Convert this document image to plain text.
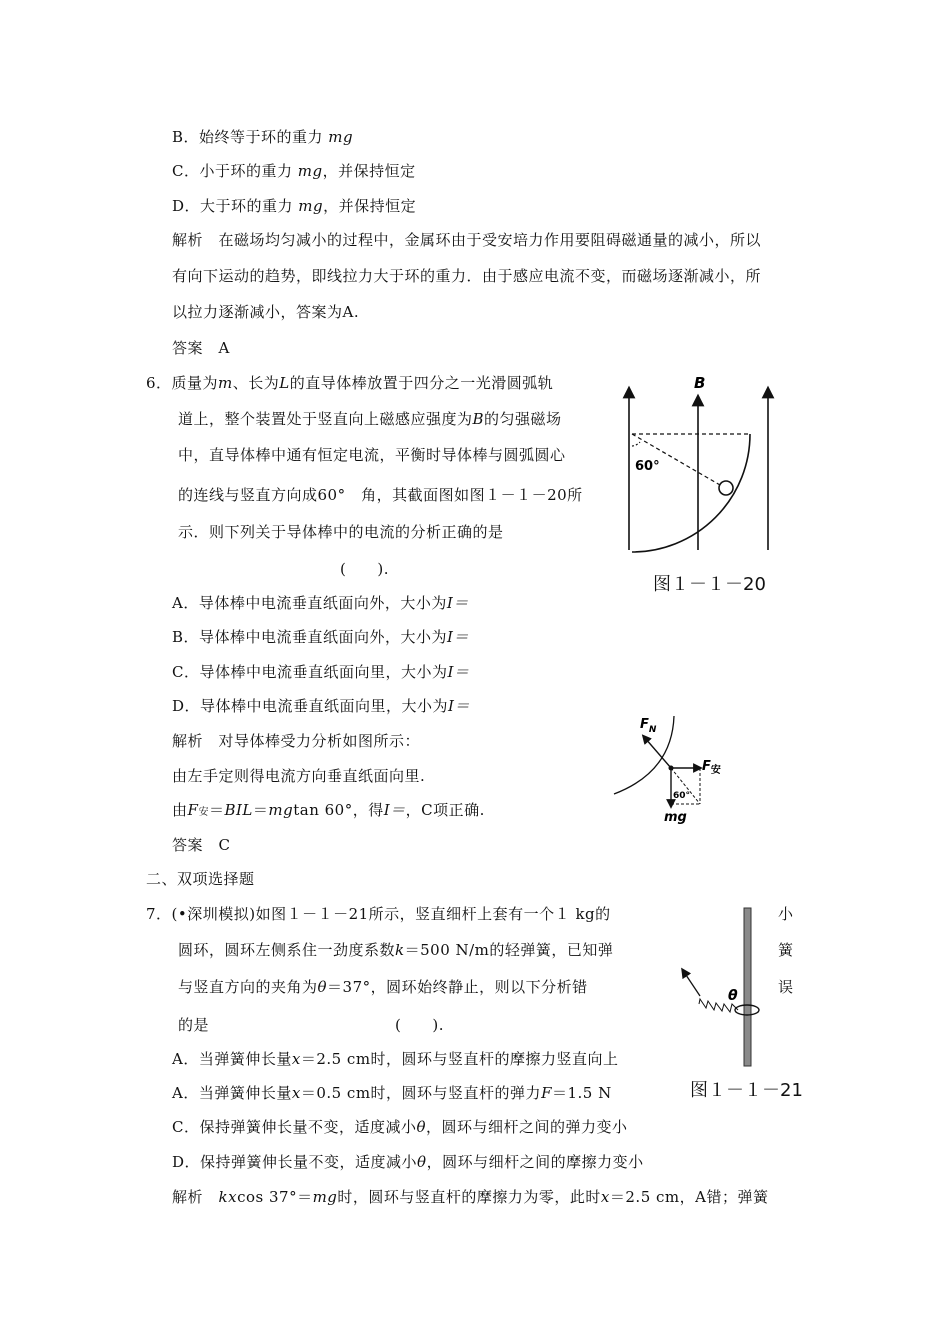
B．始终等于环的重力 mg
C．小于环的重力 mg，并保持恒定
D．大于环的重力 mg，并保持恒定
解析　在磁场均匀减小的过程中，金属环由于受安培力作用要阻碍磁通量的减小，所以
有向下运动的趋势，即线拉力大于环的重力．由于感应电流不变，而磁场逐渐减小，所
以拉力逐渐减小，答案为A.
答案　A
6．质量为m、长为L的直导体棒放置于四分之一光滑圆弧轨
道上，整个装置处于竖直向上磁感应强度为B的匀强磁场
中，直导体棒中通有恒定电流，平衡时导体棒与圆弧圆心
的连线与竖直方向成60°　角，其截面图如图１－１－20所
示．则下列关于导体棒中的电流的分析正确的是
(　　).
A．导体棒中电流垂直纸面向外，大小为I＝
B．导体棒中电流垂直纸面向外，大小为I＝
C．导体棒中电流垂直纸面向里，大小为I＝
D．导体棒中电流垂直纸面向里，大小为I＝
解析　对导体棒受力分析如图所示：
由左手定则得电流方向垂直纸面向里.
由F安＝BIL＝mgtan 60°，得I＝，C项正确.
答案　C
B
60°
图１－１－20
$F_N$
$F_安$
60°
mg
二、双项选择题
7．(•深圳模拟)如图１－１－21所示，竖直细杆上套有一个１ kg的
圆环，圆环左侧系住一劲度系数k＝500 N/m的轻弹簧，已知弹
与竖直方向的夹角为θ＝37°，圆环始终静止，则以下分析错
的是　　　　　　　　　　　　(　　).
小
簧
误
A．当弹簧伸长量x＝2.5 cm时，圆环与竖直杆的摩擦力竖直向上
A．当弹簧伸长量x＝0.5 cm时，圆环与竖直杆的弹力F＝1.5 N
C．保持弹簧伸长量不变，适度减小θ，圆环与细杆之间的弹力变小
D．保持弹簧伸长量不变，适度减小θ，圆环与细杆之间的摩擦力变小
解析　kxcos 37°＝mg时，圆环与竖直杆的摩擦力为零，此时x＝2.5 cm，A错；弹簧
θ
图１－１－21
